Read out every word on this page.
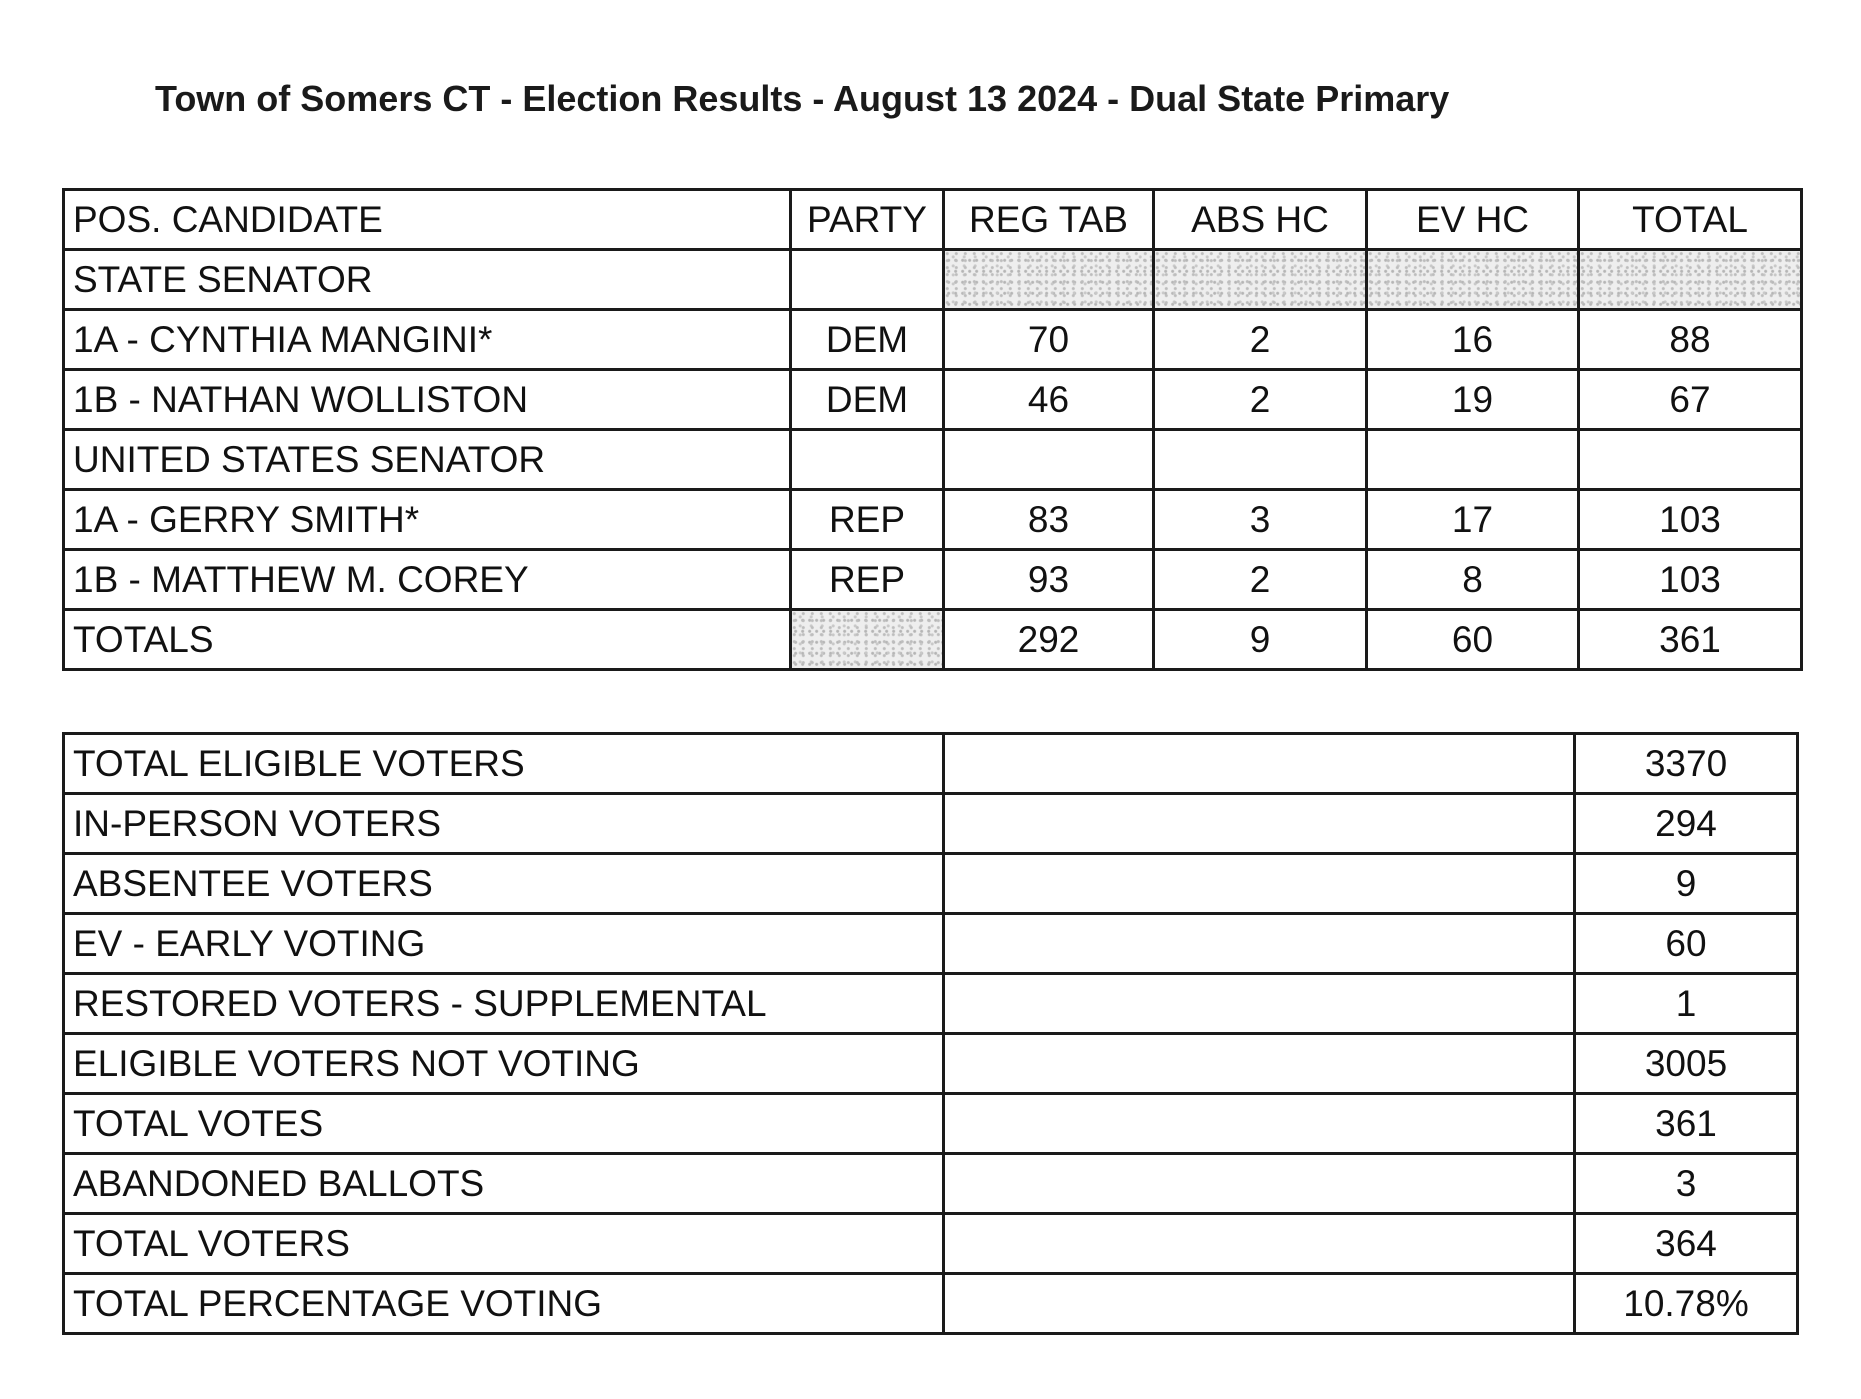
Town of Somers CT - Election Results - August 13 2024 - Dual State Primary
POS. CANDIDATE	PARTY	REG TAB	ABS HC	EV HC	TOTAL
STATE SENATOR					
1A - CYNTHIA MANGINI*	DEM	70	2	16	88
1B - NATHAN WOLLISTON	DEM	46	2	19	67
UNITED STATES SENATOR					
1A - GERRY SMITH*	REP	83	3	17	103
1B - MATTHEW M. COREY	REP	93	2	8	103
TOTALS		292	9	60	361
TOTAL ELIGIBLE VOTERS		3370
IN-PERSON VOTERS		294
ABSENTEE VOTERS		9
EV - EARLY VOTING		60
RESTORED VOTERS - SUPPLEMENTAL		1
ELIGIBLE VOTERS NOT VOTING		3005
TOTAL VOTES		361
ABANDONED BALLOTS		3
TOTAL VOTERS		364
TOTAL PERCENTAGE VOTING		10.78%
